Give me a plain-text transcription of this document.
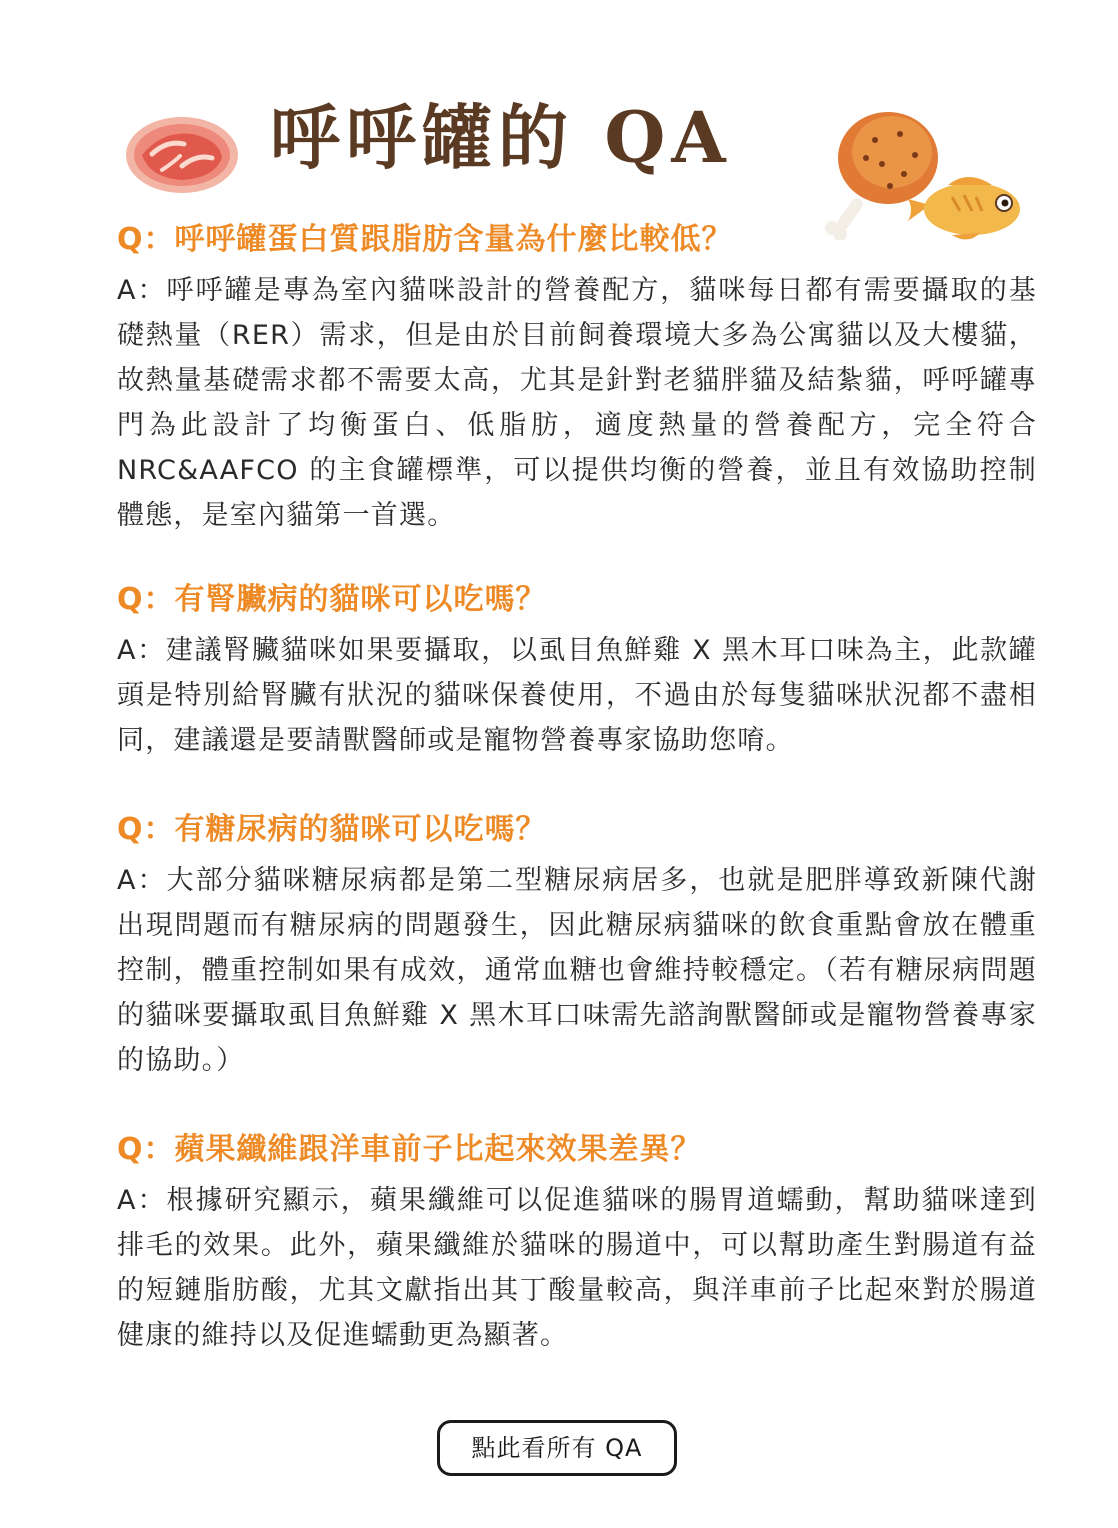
呼呼罐的 QA
Q：呼呼罐蛋白質跟脂肪含量為什麼比較低？

A：呼呼罐是專為室內貓咪設計的營養配方，貓咪每日都有需要攝取的基礎熱量（RER）需求，但是由於目前飼養環境大多為公寓貓以及大樓貓，故熱量基礎需求都不需要太高，尤其是針對老貓胖貓及結紮貓，呼呼罐專門為此設計了均衡蛋白、低脂肪，適度熱量的營養配方，完全符合 NRC&AAFCO 的主食罐標準，可以提供均衡的營養，並且有效協助控制體態，是室內貓第一首選。

Q：有腎臟病的貓咪可以吃嗎？

A：建議腎臟貓咪如果要攝取，以虱目魚鮮雞 X 黑木耳口味為主，此款罐頭是特別給腎臟有狀況的貓咪保養使用，不過由於每隻貓咪狀況都不盡相同，建議還是要請獸醫師或是寵物營養專家協助您唷。

Q：有糖尿病的貓咪可以吃嗎？

A：大部分貓咪糖尿病都是第二型糖尿病居多，也就是肥胖導致新陳代謝出現問題而有糖尿病的問題發生，因此糖尿病貓咪的飲食重點會放在體重控制，體重控制如果有成效，通常血糖也會維持較穩定。（若有糖尿病問題的貓咪要攝取虱目魚鮮雞 X 黑木耳口味需先諮詢獸醫師或是寵物營養專家的協助。）

Q：蘋果纖維跟洋車前子比起來效果差異？

A：根據研究顯示，蘋果纖維可以促進貓咪的腸胃道蠕動，幫助貓咪達到排毛的效果。此外，蘋果纖維於貓咪的腸道中，可以幫助產生對腸道有益的短鏈脂肪酸，尤其文獻指出其丁酸量較高，與洋車前子比起來對於腸道健康的維持以及促進蠕動更為顯著。

點此看所有 QA
